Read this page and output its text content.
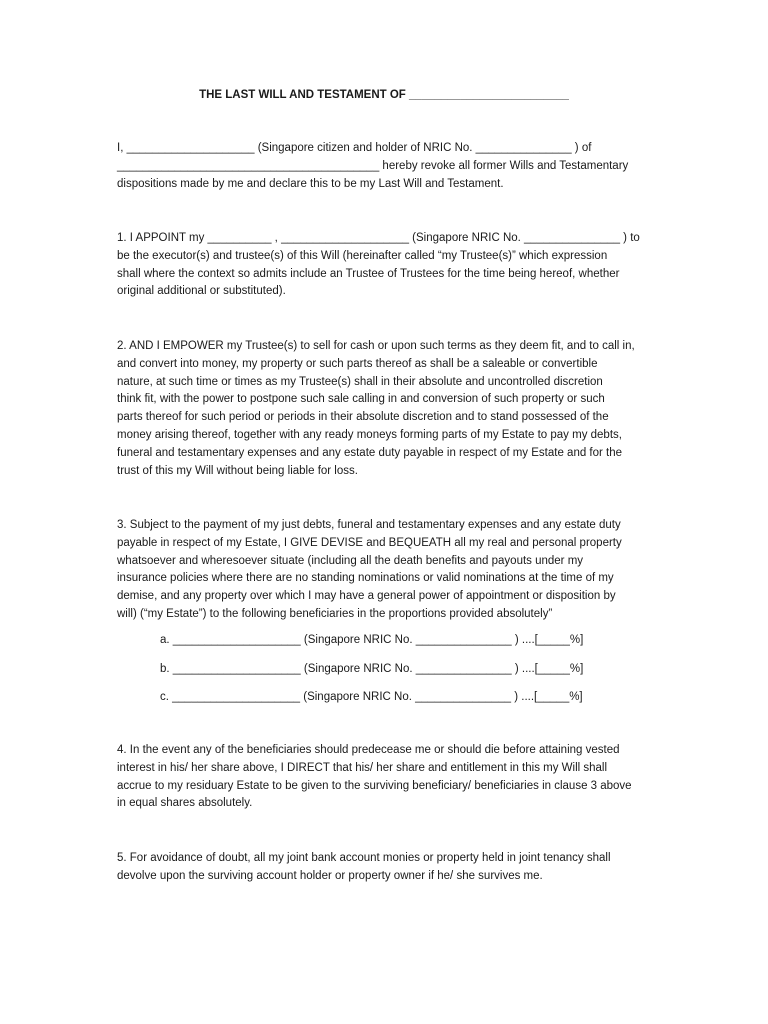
THE LAST WILL AND TESTAMENT OF _________________________
I, ____________________ (Singapore citizen and holder of NRIC No. _______________ ) of
_________________________________________ hereby revoke all former Wills and Testamentary
dispositions made by me and declare this to be my Last Will and Testament.
1. I APPOINT my __________ , ____________________ (Singapore NRIC No. _______________ ) to
be the executor(s) and trustee(s) of this Will (hereinafter called “my Trustee(s)” which expression
shall where the context so admits include an Trustee of Trustees for the time being hereof, whether
original additional or substituted).
2. AND I EMPOWER my Trustee(s) to sell for cash or upon such terms as they deem fit, and to call in,
and convert into money, my property or such parts thereof as shall be a saleable or convertible
nature, at such time or times as my Trustee(s) shall in their absolute and uncontrolled discretion
think fit, with the power to postpone such sale calling in and conversion of such property or such
parts thereof for such period or periods in their absolute discretion and to stand possessed of the
money arising thereof, together with any ready moneys forming parts of my Estate to pay my debts,
funeral and testamentary expenses and any estate duty payable in respect of my Estate and for the
trust of this my Will without being liable for loss.
3. Subject to the payment of my just debts, funeral and testamentary expenses and any estate duty
payable in respect of my Estate, I GIVE DEVISE and BEQUEATH all my real and personal property
whatsoever and wheresoever situate (including all the death benefits and payouts under my
insurance policies where there are no standing nominations or valid nominations at the time of my
demise, and any property over which I may have a general power of appointment or disposition by
will) (“my Estate”) to the following beneficiaries in the proportions provided absolutely”
a. ____________________ (Singapore NRIC No. _______________ ) ....[_____%]
b. ____________________ (Singapore NRIC No. _______________ ) ....[_____%]
c. ____________________ (Singapore NRIC No. _______________ ) ....[_____%]
4. In the event any of the beneficiaries should predecease me or should die before attaining vested
interest in his/ her share above, I DIRECT that his/ her share and entitlement in this my Will shall
accrue to my residuary Estate to be given to the surviving beneficiary/ beneficiaries in clause 3 above
in equal shares absolutely.
5. For avoidance of doubt, all my joint bank account monies or property held in joint tenancy shall
devolve upon the surviving account holder or property owner if he/ she survives me.
